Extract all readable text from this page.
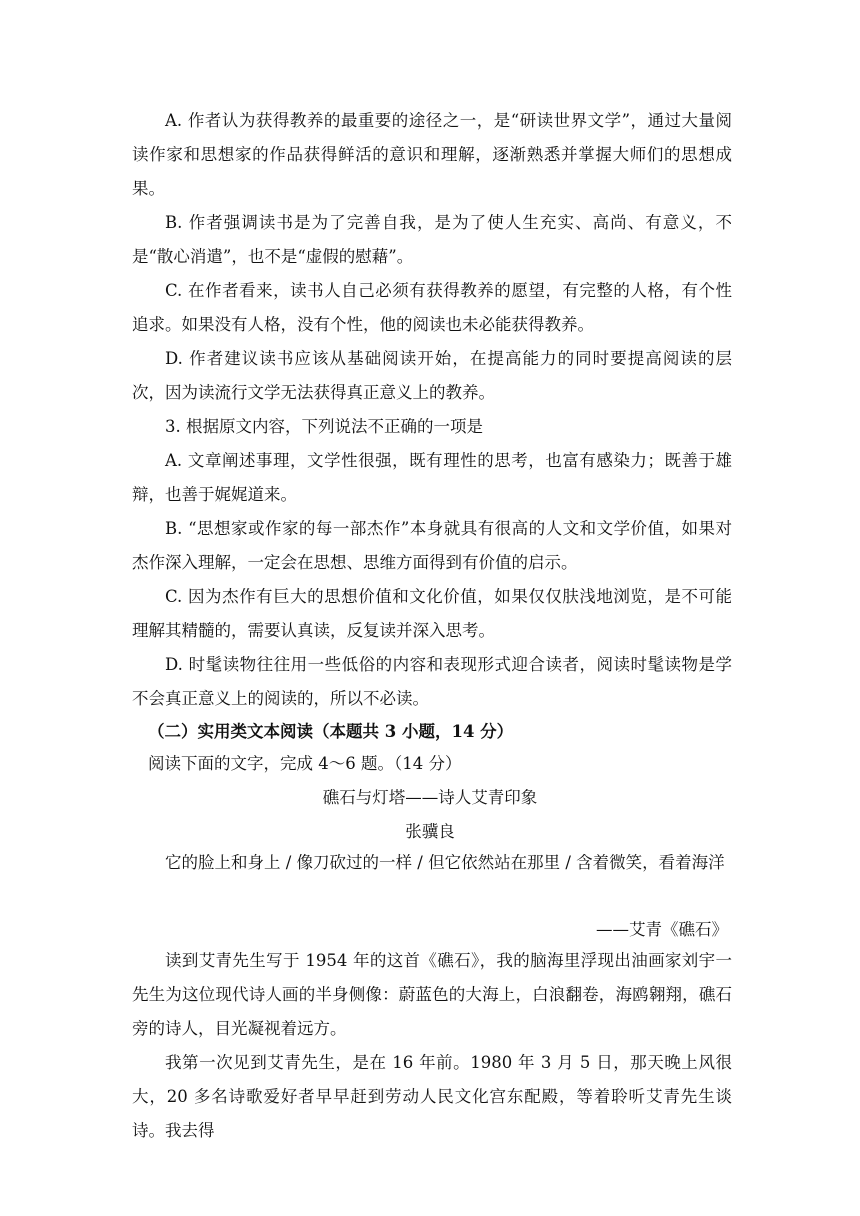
A. 作者认为获得教养的最重要的途径之一，是“研读世界文学”，通过大量阅读作家和思想家的作品获得鲜活的意识和理解，逐渐熟悉并掌握大师们的思想成果。

B. 作者强调读书是为了完善自我，是为了使人生充实、高尚、有意义，不是“散心消遣”，也不是“虚假的慰藉”。

C. 在作者看来，读书人自己必须有获得教养的愿望，有完整的人格，有个性追求。如果没有人格，没有个性，他的阅读也未必能获得教养。

D. 作者建议读书应该从基础阅读开始，在提高能力的同时要提高阅读的层次，因为读流行文学无法获得真正意义上的教养。

3. 根据原文内容，下列说法不正确的一项是

A. 文章阐述事理，文学性很强，既有理性的思考，也富有感染力；既善于雄辩，也善于娓娓道来。

B. “思想家或作家的每一部杰作”本身就具有很高的人文和文学价值，如果对杰作深入理解，一定会在思想、思维方面得到有价值的启示。

C. 因为杰作有巨大的思想价值和文化价值，如果仅仅肤浅地浏览，是不可能理解其精髓的，需要认真读，反复读并深入思考。

D. 时髦读物往往用一些低俗的内容和表现形式迎合读者，阅读时髦读物是学不会真正意义上的阅读的，所以不必读。

（二）实用类文本阅读（本题共 3 小题，14 分）

阅读下面的文字，完成 4～6 题。（14 分）

礁石与灯塔——诗人艾青印象

张骥良

它的脸上和身上 / 像刀砍过的一样 / 但它依然站在那里 / 含着微笑，看着海洋

——艾青《礁石》

读到艾青先生写于 1954 年的这首《礁石》，我的脑海里浮现出油画家刘宇一先生为这位现代诗人画的半身侧像：蔚蓝色的大海上，白浪翻卷，海鸥翱翔，礁石旁的诗人，目光凝视着远方。

我第一次见到艾青先生，是在 16 年前。1980 年 3 月 5 日，那天晚上风很大，20 多名诗歌爱好者早早赶到劳动人民文化宫东配殿，等着聆听艾青先生谈诗。我去得
